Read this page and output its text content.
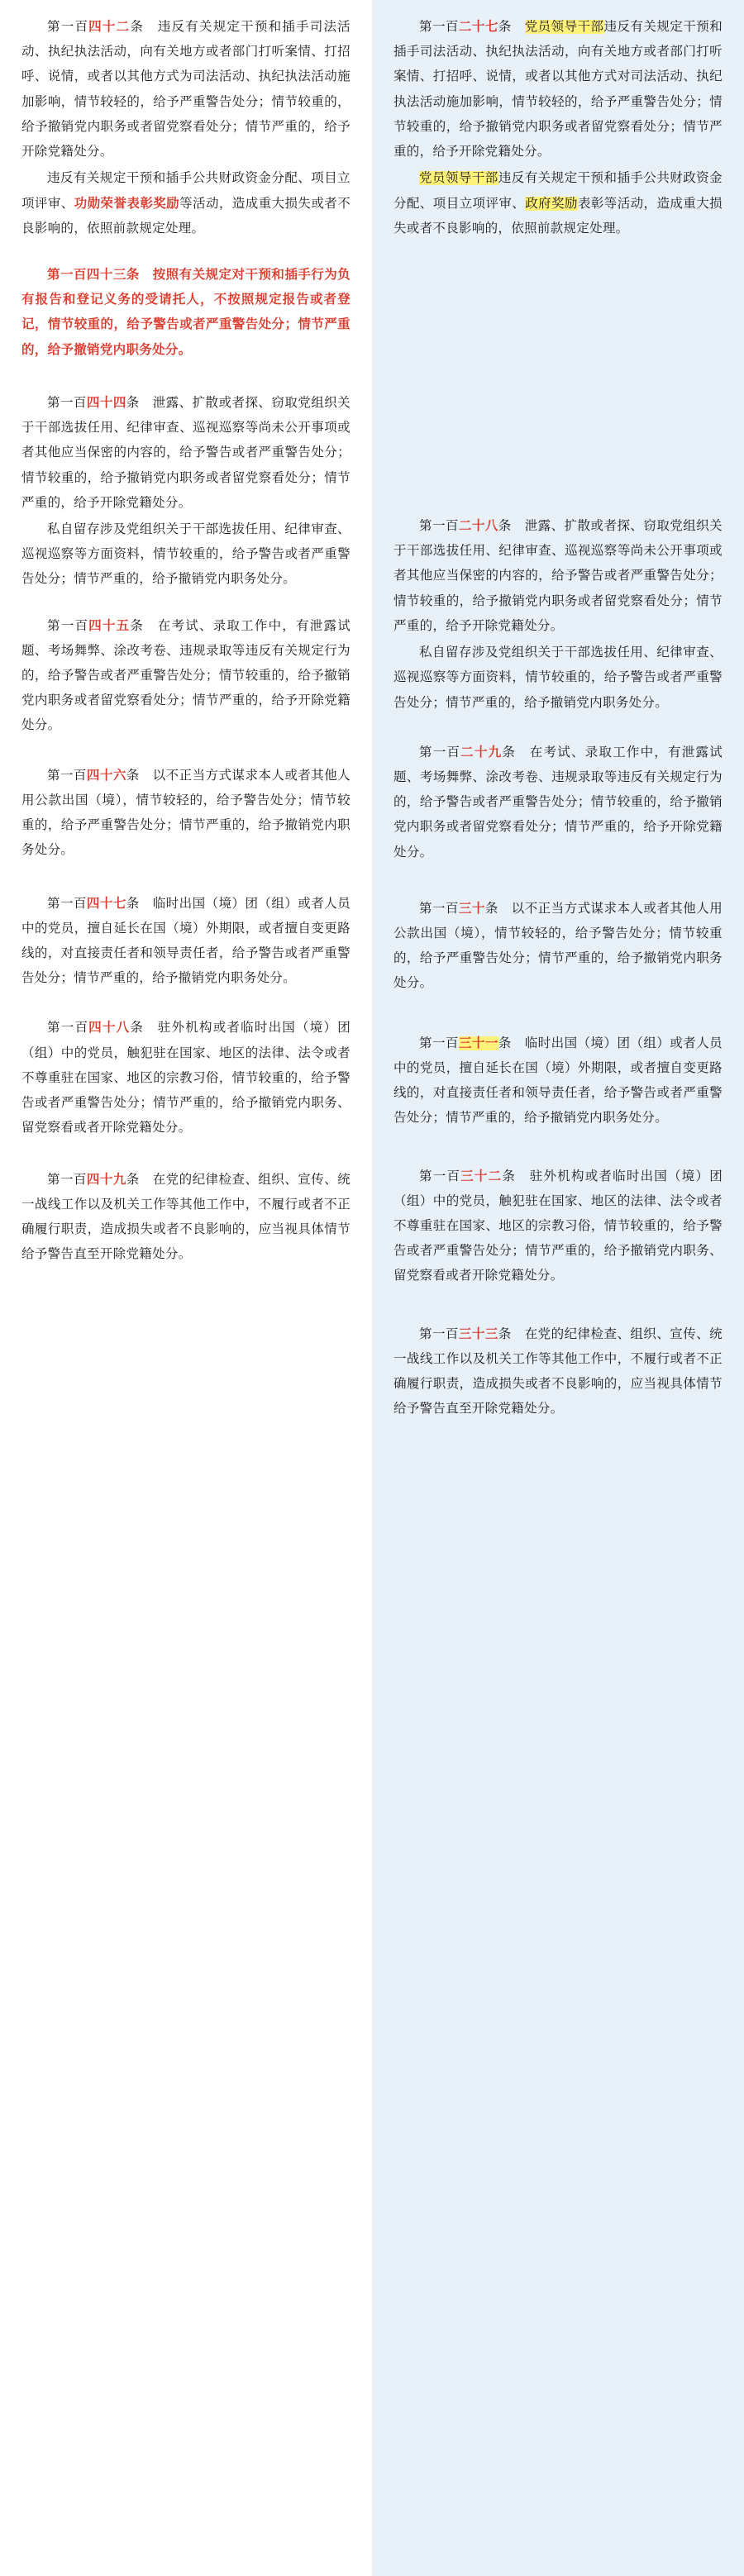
第一百四十二条　违反有关规定干预和插手司法活动、执纪执法活动，向有关地方或者部门打听案情、打招呼、说情，或者以其他方式为司法活动、执纪执法活动施加影响，情节较轻的，给予严重警告处分；情节较重的，给予撤销党内职务或者留党察看处分；情节严重的，给予开除党籍处分。

违反有关规定干预和插手公共财政资金分配、项目立项评审、功勋荣誉表彰奖励等活动，造成重大损失或者不良影响的，依照前款规定处理。

第一百四十三条　按照有关规定对干预和插手行为负有报告和登记义务的受请托人，不按照规定报告或者登记，情节较重的，给予警告或者严重警告处分；情节严重的，给予撤销党内职务处分。

第一百四十四条　泄露、扩散或者探、窃取党组织关于干部选拔任用、纪律审查、巡视巡察等尚未公开事项或者其他应当保密的内容的，给予警告或者严重警告处分；情节较重的，给予撤销党内职务或者留党察看处分；情节严重的，给予开除党籍处分。

私自留存涉及党组织关于干部选拔任用、纪律审查、巡视巡察等方面资料，情节较重的，给予警告或者严重警告处分；情节严重的，给予撤销党内职务处分。

第一百四十五条　在考试、录取工作中，有泄露试题、考场舞弊、涂改考卷、违规录取等违反有关规定行为的，给予警告或者严重警告处分；情节较重的，给予撤销党内职务或者留党察看处分；情节严重的，给予开除党籍处分。

第一百四十六条　以不正当方式谋求本人或者其他人用公款出国（境），情节较轻的，给予警告处分；情节较重的，给予严重警告处分；情节严重的，给予撤销党内职务处分。

第一百四十七条　临时出国（境）团（组）或者人员中的党员，擅自延长在国（境）外期限，或者擅自变更路线的，对直接责任者和领导责任者，给予警告或者严重警告处分；情节严重的，给予撤销党内职务处分。

第一百四十八条　驻外机构或者临时出国（境）团（组）中的党员，触犯驻在国家、地区的法律、法令或者不尊重驻在国家、地区的宗教习俗，情节较重的，给予警告或者严重警告处分；情节严重的，给予撤销党内职务、留党察看或者开除党籍处分。

第一百四十九条　在党的纪律检查、组织、宣传、统一战线工作以及机关工作等其他工作中，不履行或者不正确履行职责，造成损失或者不良影响的，应当视具体情节给予警告直至开除党籍处分。

第一百二十七条　 党员领导干部违反有关规定干预和插手司法活动、执纪执法活动，向有关地方或者部门打听案情、打招呼、说情，或者以其他方式对司法活动、执纪执法活动施加影响，情节较轻的，给予严重警告处分；情节较重的，给予撤销党内职务或者留党察看处分；情节严重的，给予开除党籍处分。

党员领导干部违反有关规定干预和插手公共财政资金分配、项目立项评审、政府奖励表彰等活动，造成重大损失或者不良影响的，依照前款规定处理。

第一百二十八条　泄露、扩散或者探、窃取党组织关于干部选拔任用、纪律审查、巡视巡察等尚未公开事项或者其他应当保密的内容的，给予警告或者严重警告处分；情节较重的，给予撤销党内职务或者留党察看处分；情节严重的，给予开除党籍处分。

私自留存涉及党组织关于干部选拔任用、纪律审查、巡视巡察等方面资料，情节较重的，给予警告或者严重警告处分；情节严重的，给予撤销党内职务处分。

第一百二十九条　在考试、录取工作中，有泄露试题、考场舞弊、涂改考卷、违规录取等违反有关规定行为的，给予警告或者严重警告处分；情节较重的，给予撤销党内职务或者留党察看处分；情节严重的，给予开除党籍处分。

第一百三十条　以不正当方式谋求本人或者其他人用公款出国（境），情节较轻的，给予警告处分；情节较重的，给予严重警告处分；情节严重的，给予撤销党内职务处分。

第一百三十一条　临时出国（境）团（组）或者人员中的党员，擅自延长在国（境）外期限，或者擅自变更路线的，对直接责任者和领导责任者，给予警告或者严重警告处分；情节严重的，给予撤销党内职务处分。

第一百三十二条　驻外机构或者临时出国（境）团（组）中的党员，触犯驻在国家、地区的法律、法令或者不尊重驻在国家、地区的宗教习俗，情节较重的，给予警告或者严重警告处分；情节严重的，给予撤销党内职务、留党察看或者开除党籍处分。

第一百三十三条　在党的纪律检查、组织、宣传、统一战线工作以及机关工作等其他工作中，不履行或者不正确履行职责，造成损失或者不良影响的，应当视具体情节给予警告直至开除党籍处分。
